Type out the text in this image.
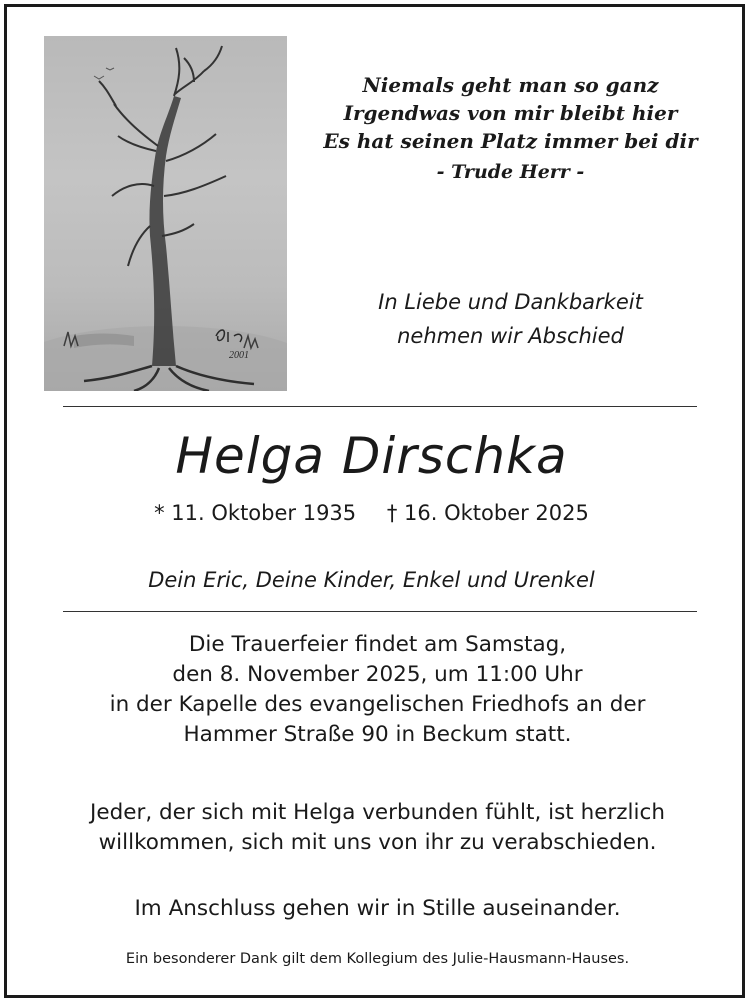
2001
Niemals geht man so ganz
Irgendwas von mir bleibt hier
Es hat seinen Platz immer bei dir
- Trude Herr -
In Liebe und Dankbarkeit
nehmen wir Abschied
Helga Dirschka
* 11. Oktober 1935 † 16. Oktober 2025
Dein Eric, Deine Kinder, Enkel und Urenkel
Die Trauerfeier findet am Samstag,
den 8. November 2025, um 11:00 Uhr
in der Kapelle des evangelischen Friedhofs an der
Hammer Straße 90 in Beckum statt.
Jeder, der sich mit Helga verbunden fühlt, ist herzlich
willkommen, sich mit uns von ihr zu verabschieden.
Im Anschluss gehen wir in Stille auseinander.
Ein besonderer Dank gilt dem Kollegium des Julie-Hausmann-Hauses.
